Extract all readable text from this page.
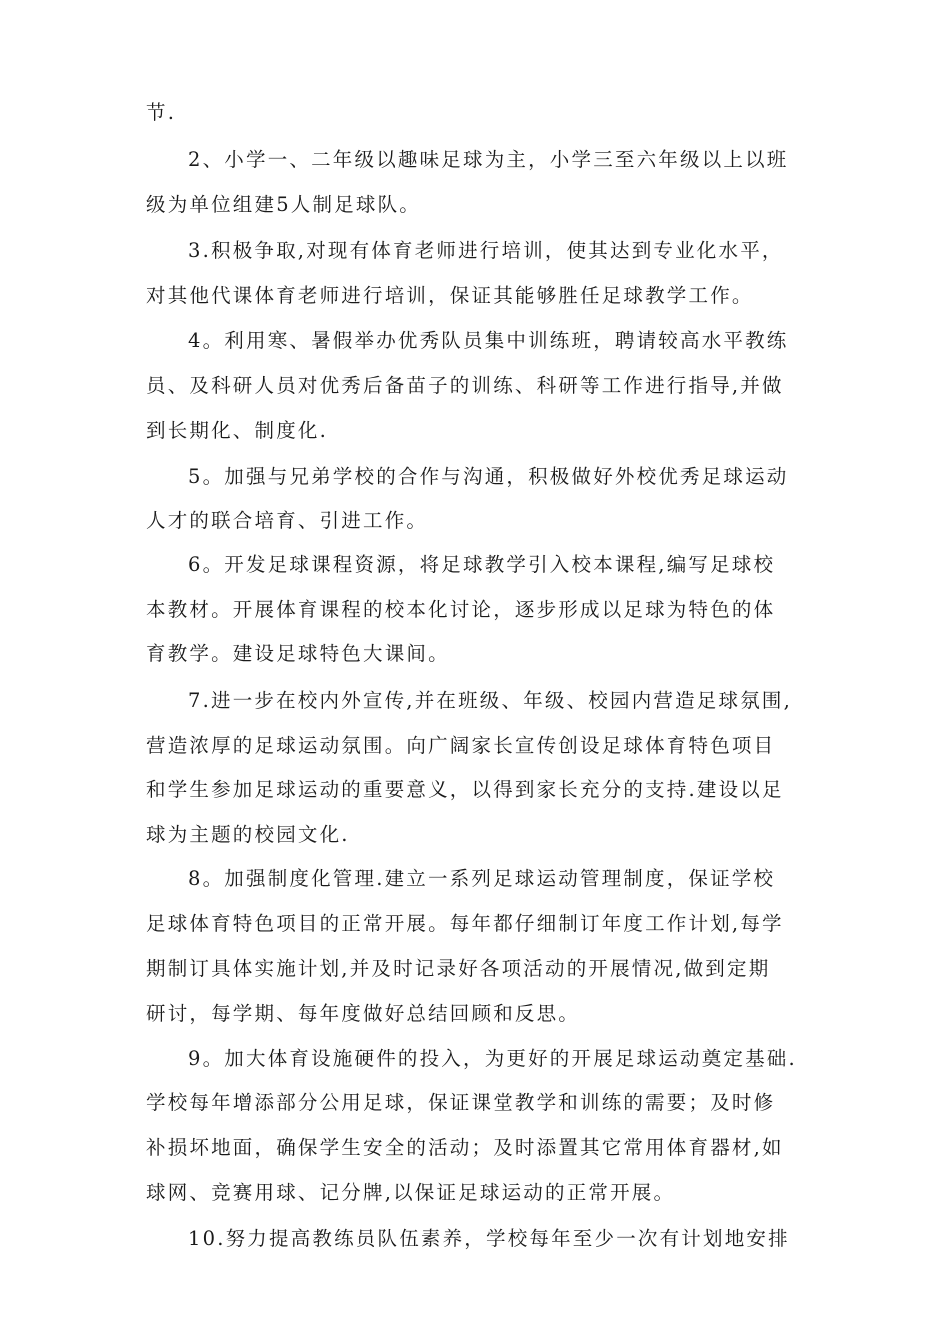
节.
2、小学一、二年级以趣味足球为主，小学三至六年级以上以班
级为单位组建5人制足球队。
3.积极争取,对现有体育老师进行培训，使其达到专业化水平，
对其他代课体育老师进行培训，保证其能够胜任足球教学工作。
4。利用寒、暑假举办优秀队员集中训练班，聘请较高水平教练
员、及科研人员对优秀后备苗子的训练、科研等工作进行指导,并做
到长期化、制度化.
5。加强与兄弟学校的合作与沟通，积极做好外校优秀足球运动
人才的联合培育、引进工作。
6。开发足球课程资源，将足球教学引入校本课程,编写足球校
本教材。开展体育课程的校本化讨论，逐步形成以足球为特色的体
育教学。建设足球特色大课间。
7.进一步在校内外宣传,并在班级、年级、校园内营造足球氛围,
营造浓厚的足球运动氛围。向广阔家长宣传创设足球体育特色项目
和学生参加足球运动的重要意义，以得到家长充分的支持.建设以足
球为主题的校园文化.
8。加强制度化管理.建立一系列足球运动管理制度，保证学校
足球体育特色项目的正常开展。每年都仔细制订年度工作计划,每学
期制订具体实施计划,并及时记录好各项活动的开展情况,做到定期
研讨，每学期、每年度做好总结回顾和反思。
9。加大体育设施硬件的投入，为更好的开展足球运动奠定基础.
学校每年增添部分公用足球，保证课堂教学和训练的需要；及时修
补损坏地面，确保学生安全的活动；及时添置其它常用体育器材,如
球网、竞赛用球、记分牌,以保证足球运动的正常开展。
10.努力提高教练员队伍素养，学校每年至少一次有计划地安排
